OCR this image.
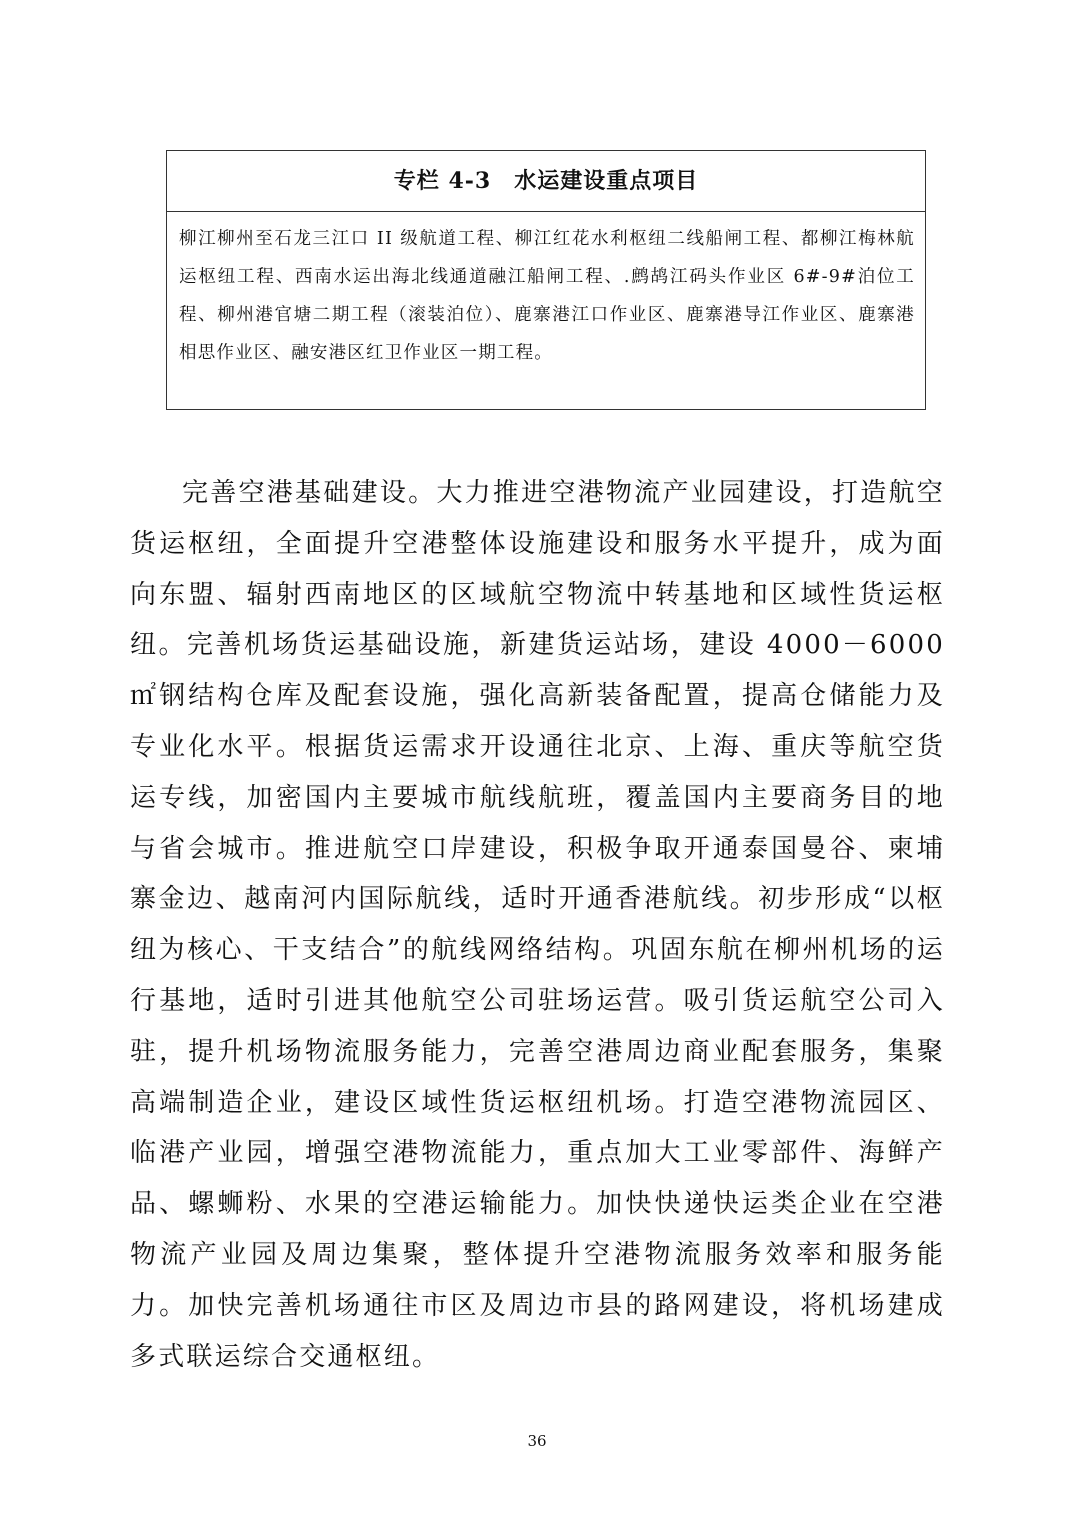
专栏 4-3　水运建设重点项目
柳江柳州至石龙三江口 II 级航道工程、柳江红花水利枢纽二线船闸工程、都柳江梅林航运枢纽工程、西南水运出海北线通道融江船闸工程、.鹧鸪江码头作业区 6#-9#泊位工程、柳州港官塘二期工程（滚装泊位）、鹿寨港江口作业区、鹿寨港导江作业区、鹿寨港相思作业区、融安港区红卫作业区一期工程。

完善空港基础建设。大力推进空港物流产业园建设，打造航空货运枢纽，全面提升空港整体设施建设和服务水平提升，成为面向东盟、辐射西南地区的区域航空物流中转基地和区域性货运枢纽。完善机场货运基础设施，新建货运站场，建设 4000－6000 ㎡钢结构仓库及配套设施，强化高新装备配置，提高仓储能力及专业化水平。根据货运需求开设通往北京、上海、重庆等航空货运专线，加密国内主要城市航线航班，覆盖国内主要商务目的地与省会城市。推进航空口岸建设，积极争取开通泰国曼谷、柬埔寨金边、越南河内国际航线，适时开通香港航线。初步形成“以枢纽为核心、干支结合”的航线网络结构。巩固东航在柳州机场的运行基地，适时引进其他航空公司驻场运营。吸引货运航空公司入驻，提升机场物流服务能力，完善空港周边商业配套服务，集聚高端制造企业，建设区域性货运枢纽机场。打造空港物流园区、临港产业园，增强空港物流能力，重点加大工业零部件、海鲜产品、螺蛳粉、水果的空港运输能力。加快快递快运类企业在空港物流产业园及周边集聚，整体提升空港物流服务效率和服务能力。加快完善机场通往市区及周边市县的路网建设，将机场建成多式联运综合交通枢纽。

36
